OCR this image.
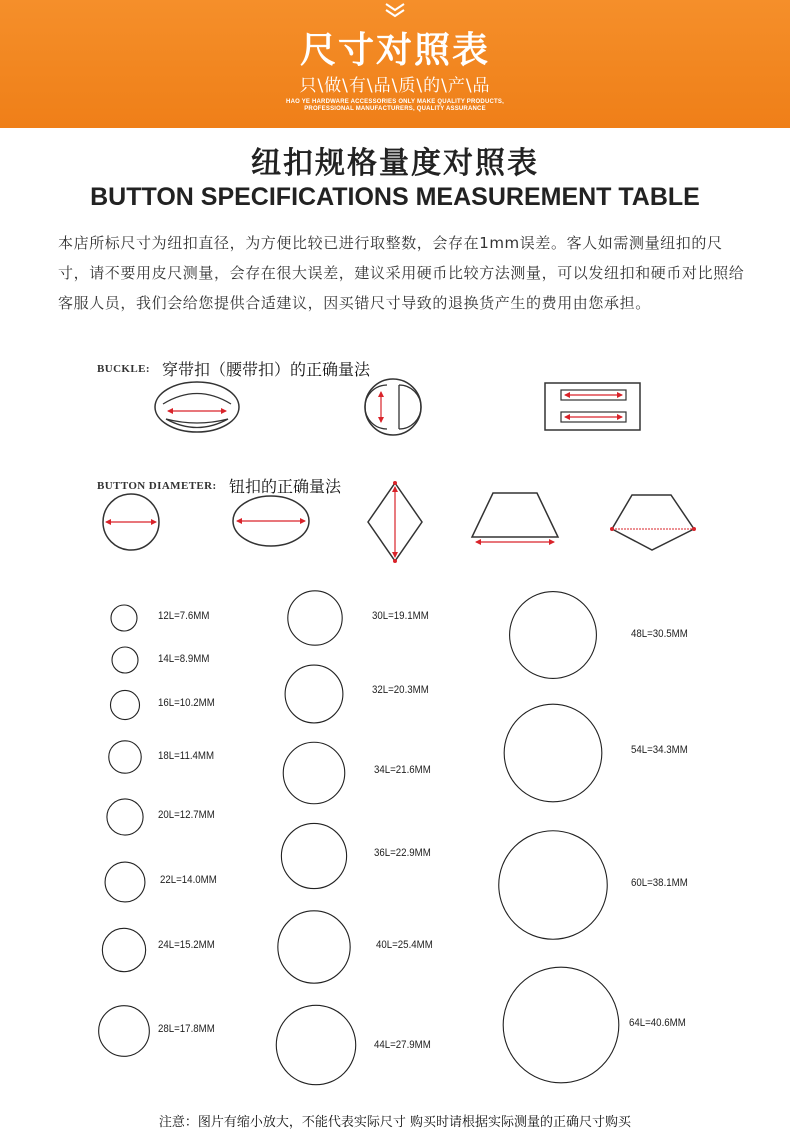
尺寸对照表
只\做\有\品\质\的\产\品
HAO YE HARDWARE ACCESSORIES ONLY MAKE QUALITY PRODUCTS,
PROFESSIONAL MANUFACTURERS, QUALITY ASSURANCE
纽扣规格量度对照表
BUTTON SPECIFICATIONS MEASUREMENT TABLE
本店所标尺寸为纽扣直径，为方便比较已进行取整数，会存在1mm误差。客人如需测量纽扣的尺寸，请不要用皮尺测量，会存在很大误差，建议采用硬币比较方法测量，可以发纽扣和硬币对比照给客服人员，我们会给您提供合适建议，因买错尺寸导致的退换货产生的费用由您承担。
BUCKLE: 穿带扣（腰带扣）的正确量法
BUTTON DIAMETER: 钮扣的正确量法
12L=7.6MM
14L=8.9MM
16L=10.2MM
18L=11.4MM
20L=12.7MM
22L=14.0MM
24L=15.2MM
28L=17.8MM
30L=19.1MM
32L=20.3MM
34L=21.6MM
36L=22.9MM
40L=25.4MM
44L=27.9MM
48L=30.5MM
54L=34.3MM
60L=38.1MM
64L=40.6MM
注意：图片有缩小放大，不能代表实际尺寸 购买时请根据实际测量的正确尺寸购买
